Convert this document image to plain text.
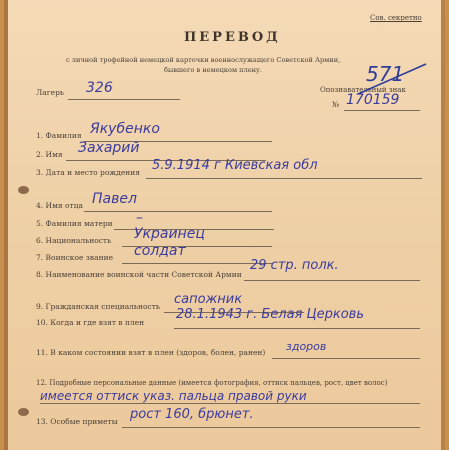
Сов. секретно
ПЕРЕВОД
с личной трофейной немецкой карточки военнослужащего Советской Армии,
бывшего в немецком плену.
Лагерь 326	Опознавательный знак
№ 170159
571
1. Фамилия Якубенко
2. Имя Захарий
3. Дата и место рождения 5.9.1914 г Киевская обл
4. Имя отца Павел
5. Фамилия матери –
6. Национальность Украинец
7. Воинское звание солдат
8. Наименование воинской части Советской Армии
29 стр. полк.
9. Гражданская специальность сапожник
10. Когда и где взят в плен
28.1.1943 г. Белая Церковь
11. В каком состоянии взят в плен (здоров, болен, ранен) здоров
12. Подробные персональные данные (имеется фотография, оттиск пальцев, рост, цвет волос)
имеется оттиск указ. пальца правой руки
13. Особые приметы рост 160, брюнет.
